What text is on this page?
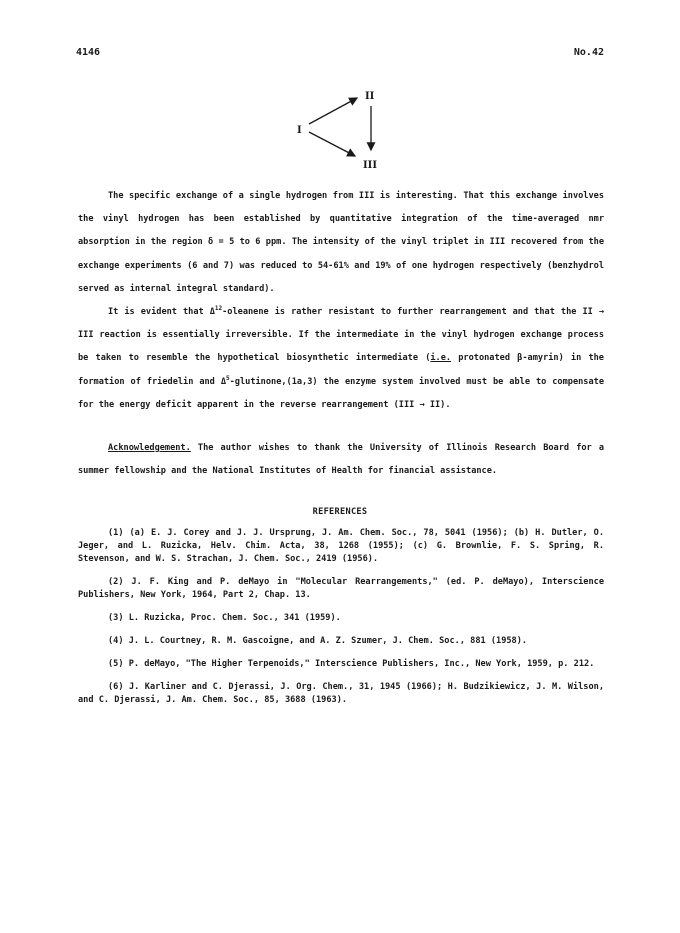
4146	No.42
I
II
III

The specific exchange of a single hydrogen from III is interesting. That this exchange involves the vinyl hydrogen has been established by quantitative integration of the time-averaged nmr absorption in the region δ = 5 to 6 ppm. The intensity of the vinyl triplet in III recovered from the exchange experiments (6 and 7) was reduced to 54-61% and 19% of one hydrogen respectively (benzhydrol served as internal integral standard).

It is evident that $\Delta^{12}$-oleanene is rather resistant to further rearrangement and that the II → III reaction is essentially irreversible. If the intermediate in the vinyl hydrogen exchange process be taken to resemble the hypothetical biosynthetic intermediate (i.e. protonated β-amyrin) in the formation of friedelin and $\Delta^5-glutinone,(1a,3)$ the enzyme system involved must be able to compensate for the energy deficit apparent in the reverse rearrangement (III → II).

Acknowledgement. The author wishes to thank the University of Illinois Research Board for a summer fellowship and the National Institutes of Health for financial assistance.

REFERENCES

(1) (a) E. J. Corey and J. J. Ursprung, J. Am. Chem. Soc., 78, 5041 (1956); (b) H. Dutler, O. Jeger, and L. Ruzicka, Helv. Chim. Acta, 38, 1268 (1955); (c) G. Brownlie, F. S. Spring, R. Stevenson, and W. S. Strachan, J. Chem. Soc., 2419 (1956).

(2) J. F. King and P. deMayo in "Molecular Rearrangements," (ed. P. deMayo), Interscience Publishers, New York, 1964, Part 2, Chap. 13.

(3) L. Ruzicka, Proc. Chem. Soc., 341 (1959).

(4) J. L. Courtney, R. M. Gascoigne, and A. Z. Szumer, J. Chem. Soc., 881 (1958).

(5) P. deMayo, "The Higher Terpenoids," Interscience Publishers, Inc., New York, 1959, p. 212.

(6) J. Karliner and C. Djerassi, J. Org. Chem., 31, 1945 (1966); H. Budzikiewicz, J. M. Wilson, and C. Djerassi, J. Am. Chem. Soc., 85, 3688 (1963).
